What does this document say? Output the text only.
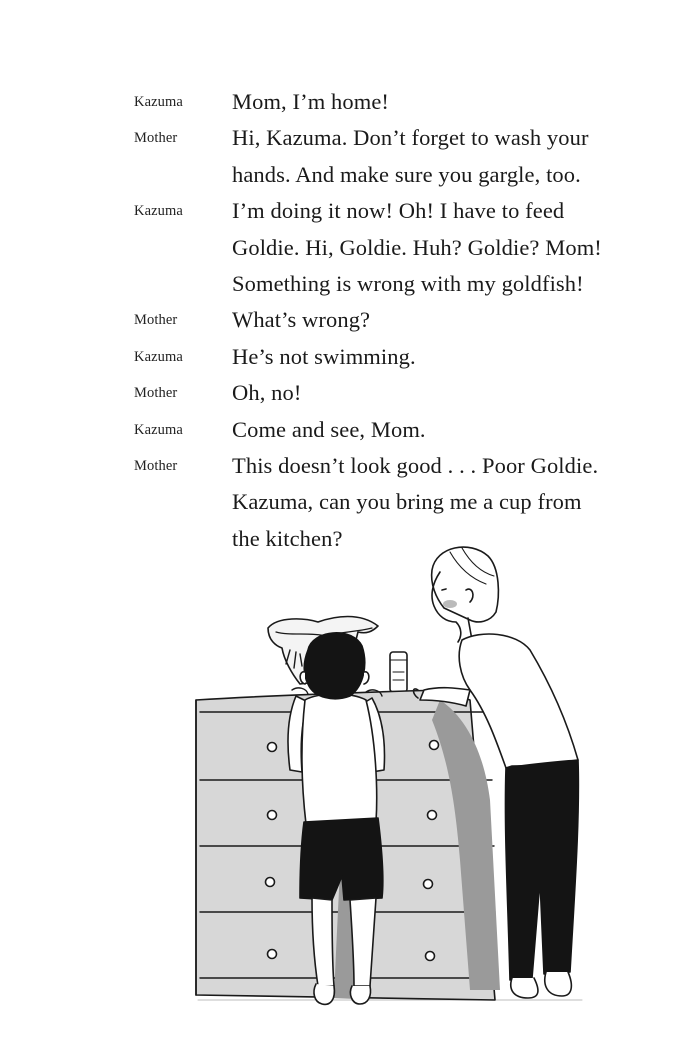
Kazuma	Mom, I’m home!
Mother	Hi, Kazuma. Don’t forget to wash your
hands. And make sure you gargle, too.
Kazuma	I’m doing it now! Oh! I have to feed
Goldie. Hi, Goldie. Huh? Goldie? Mom!
Something is wrong with my goldfish!
Mother	What’s wrong?
Kazuma	He’s not swimming.
Mother	Oh, no!
Kazuma	Come and see, Mom.
Mother	This doesn’t look good . . . Poor Goldie.
Kazuma, can you bring me a cup from
the kitchen?
